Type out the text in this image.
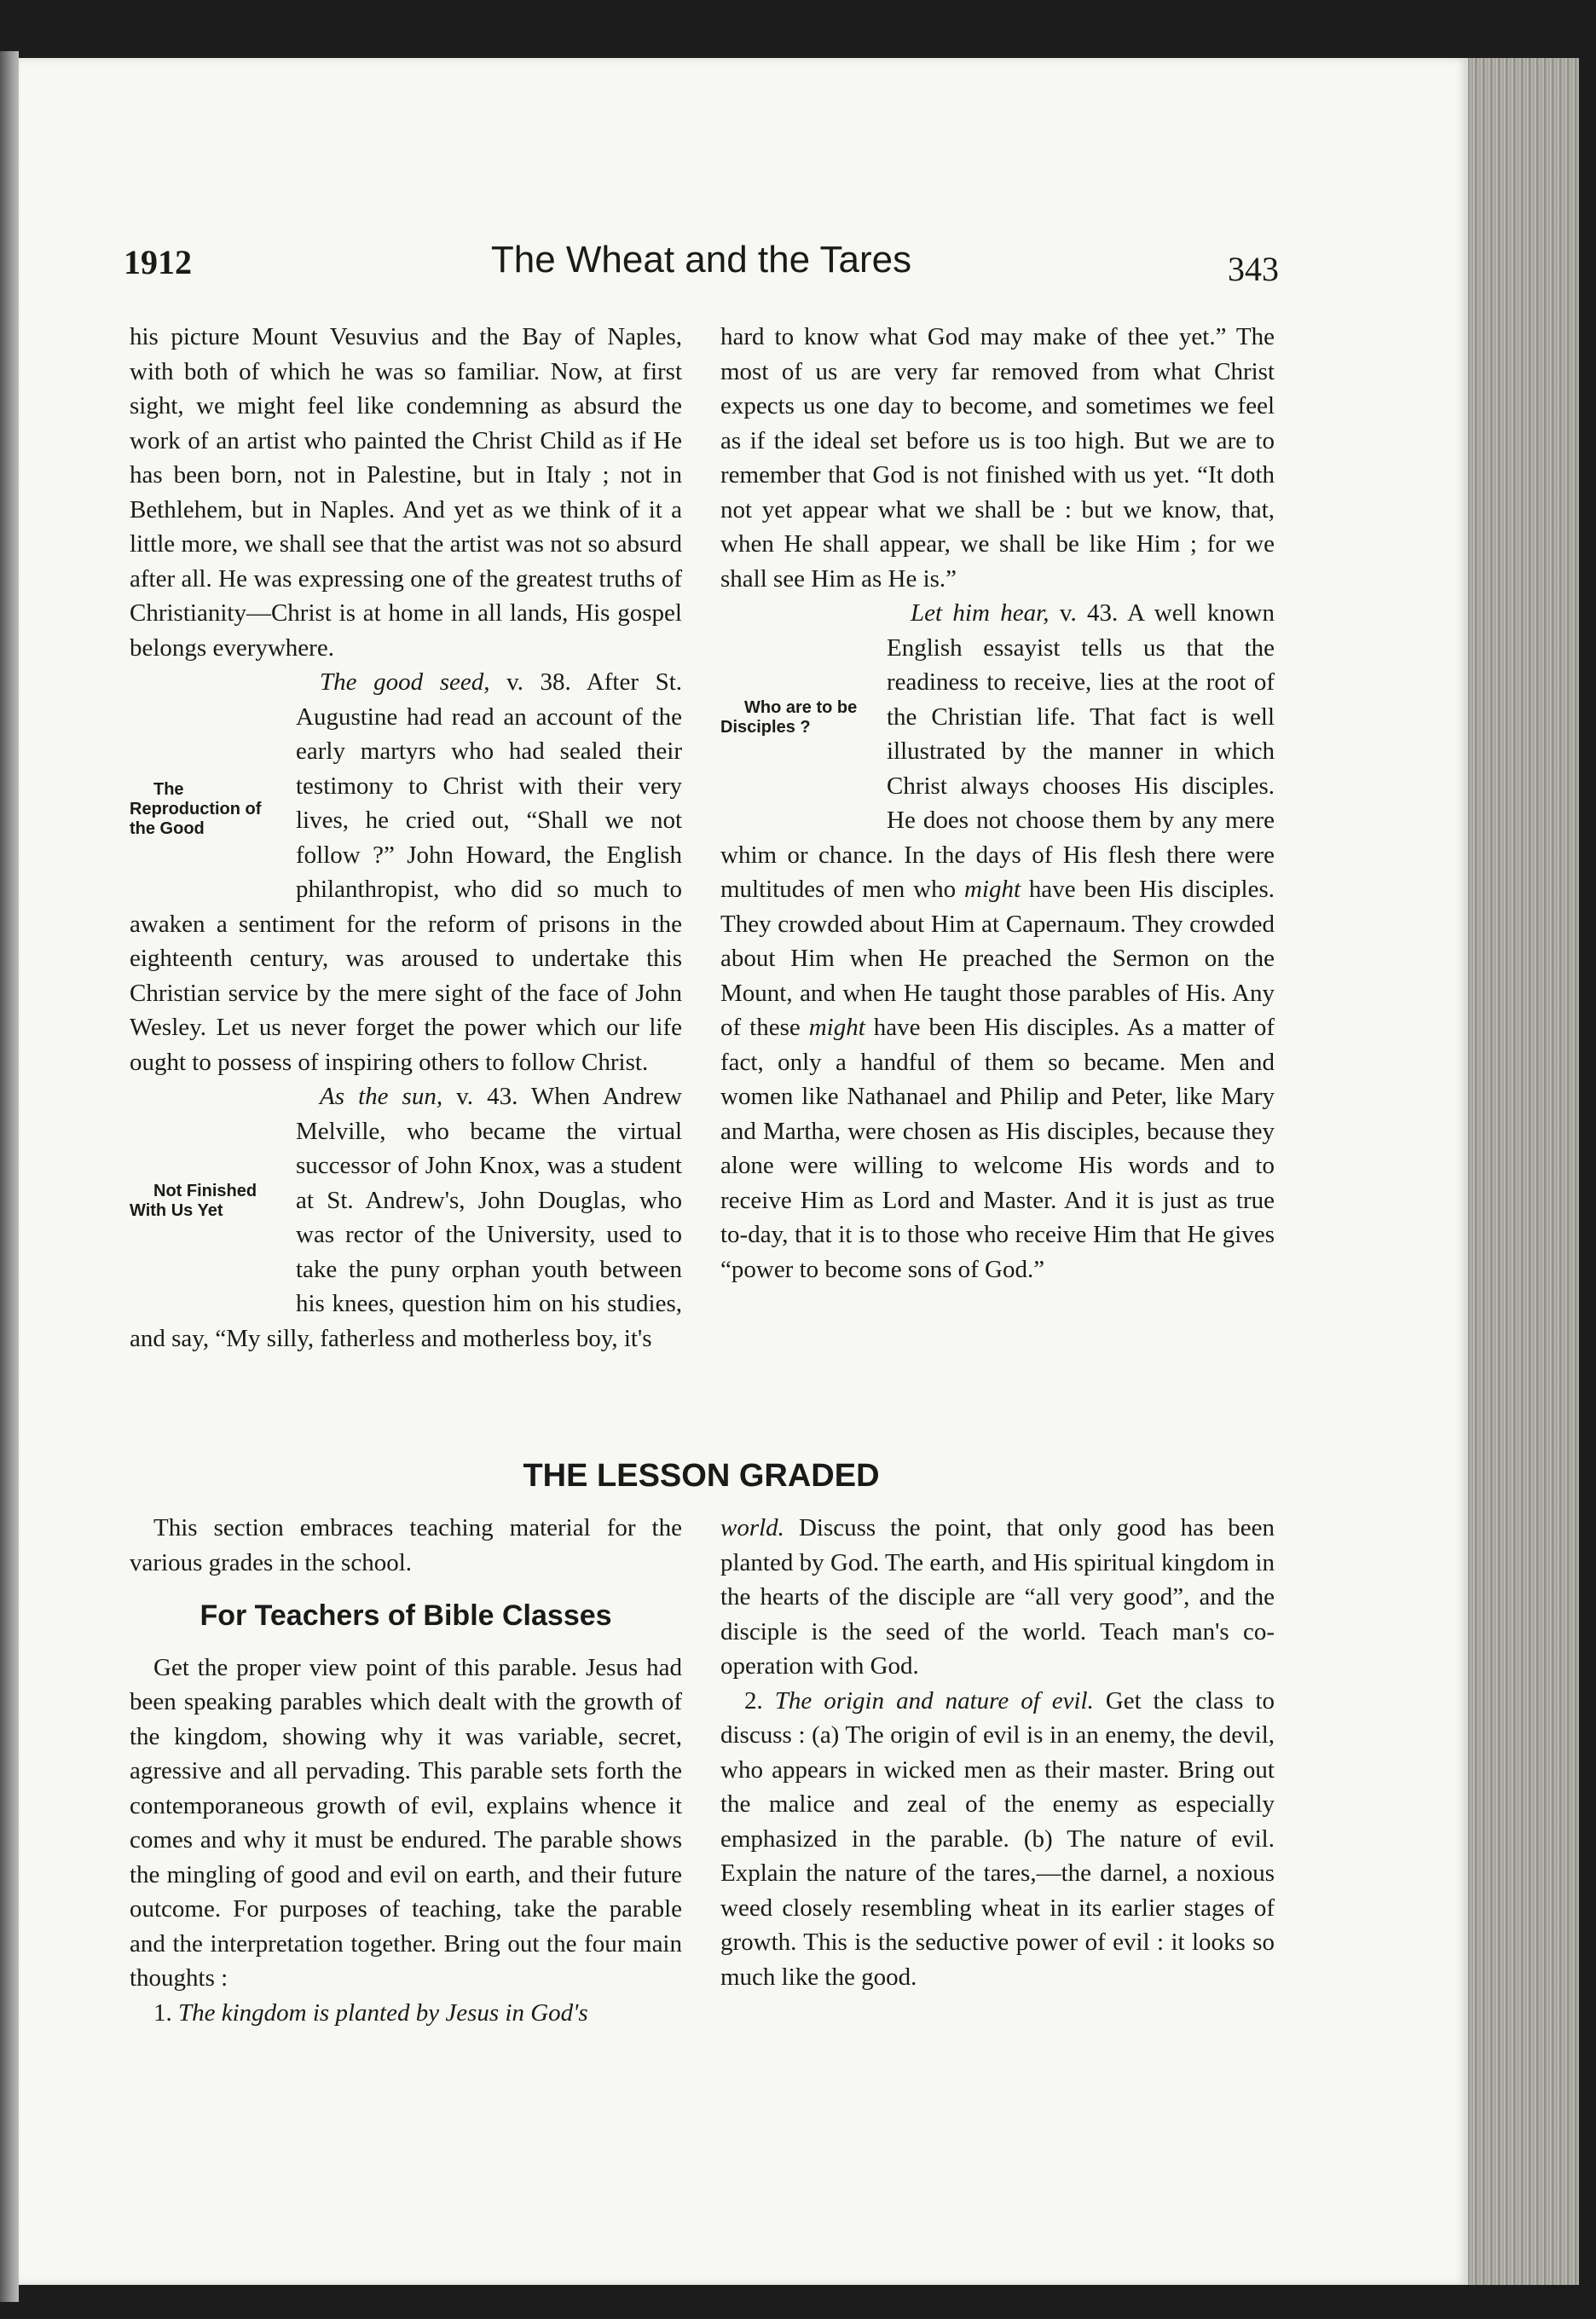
1912	The Wheat and the Tares	343

his picture Mount Vesuvius and the Bay of Naples, with both of which he was so familiar. Now, at first sight, we might feel like condemning as absurd the work of an artist who painted the Christ Child as if He has been born, not in Palestine, but in Italy ; not in Bethlehem, but in Naples. And yet as we think of it a little more, we shall see that the artist was not so absurd after all. He was expressing one of the greatest truths of Christianity—Christ is at home in all lands, His gospel belongs everywhere.

The Reproduction of the Good
The good seed, v. 38. After St. Augustine had read an account of the early martyrs who had sealed their testimony to Christ with their very lives, he cried out, “Shall we not follow ?” John Howard, the English philanthropist, who did so much to awaken a sentiment for the reform of prisons in the eighteenth century, was aroused to undertake this Christian service by the mere sight of the face of John Wesley. Let us never forget the power which our life ought to possess of inspiring others to follow Christ.

Not Finished With Us Yet
As the sun, v. 43. When Andrew Melville, who became the virtual successor of John Knox, was a student at St. Andrew's, John Douglas, who was rector of the University, used to take the puny orphan youth between his knees, question him on his studies, and say, “My silly, fatherless and motherless boy, it's

hard to know what God may make of thee yet.” The most of us are very far removed from what Christ expects us one day to become, and sometimes we feel as if the ideal set before us is too high. But we are to remember that God is not finished with us yet. “It doth not yet appear what we shall be : but we know, that, when He shall appear, we shall be like Him ; for we shall see Him as He is.”

Who are to be Disciples ?
Let him hear, v. 43. A well known English essayist tells us that the readiness to receive, lies at the root of the Christian life. That fact is well illustrated by the manner in which Christ always chooses His disciples. He does not choose them by any mere whim or chance. In the days of His flesh there were multitudes of men who might have been His disciples. They crowded about Him at Capernaum. They crowded about Him when He preached the Sermon on the Mount, and when He taught those parables of His. Any of these might have been His disciples. As a matter of fact, only a handful of them so became. Men and women like Nathanael and Philip and Peter, like Mary and Martha, were chosen as His disciples, because they alone were willing to welcome His words and to receive Him as Lord and Master. And it is just as true to-day, that it is to those who receive Him that He gives “power to become sons of God.”

THE LESSON GRADED

This section embraces teaching material for the various grades in the school.

For Teachers of Bible Classes

Get the proper view point of this parable. Jesus had been speaking parables which dealt with the growth of the kingdom, showing why it was variable, secret, agressive and all pervading. This parable sets forth the contemporaneous growth of evil, explains whence it comes and why it must be endured. The parable shows the mingling of good and evil on earth, and their future outcome. For purposes of teaching, take the parable and the interpretation together. Bring out the four main thoughts :

1. The kingdom is planted by Jesus in God's

world. Discuss the point, that only good has been planted by God. The earth, and His spiritual kingdom in the hearts of the disciple are “all very good”, and the disciple is the seed of the world. Teach man's co-operation with God.

2. The origin and nature of evil. Get the class to discuss : (a) The origin of evil is in an enemy, the devil, who appears in wicked men as their master. Bring out the malice and zeal of the enemy as especially emphasized in the parable. (b) The nature of evil. Explain the nature of the tares,—the darnel, a noxious weed closely resembling wheat in its earlier stages of growth. This is the seductive power of evil : it looks so much like the good.
